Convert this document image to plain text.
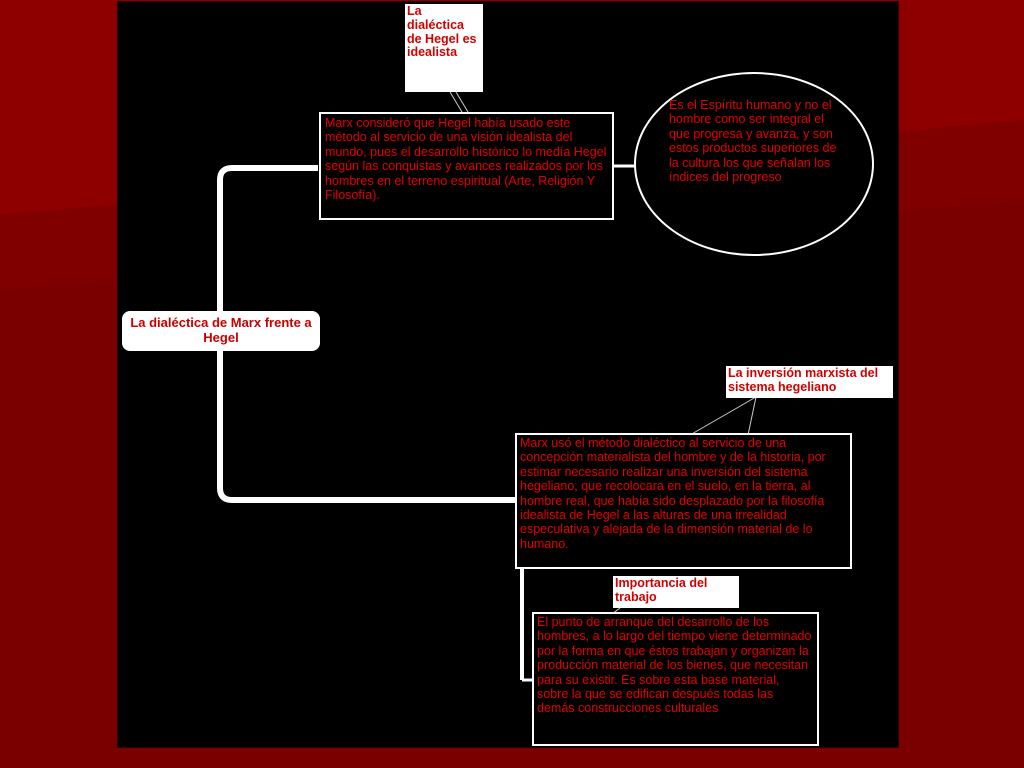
La dialéctica de Marx frente a Hegel
La dialéctica de Hegel es idealista
Marx consideró que Hegel había usado este método al servicio de una visión idealista del mundo, pues el desarrollo histórico lo medía Hegel según las conquistas y avances realizados por los hombres en el terreno espiritual (Arte, Religión Y Filosofía).
Es el Espíritu humano y no el hombre como ser integral el que progresa y avanza, y son estos productos superiores de la cultura los que señalan los índices del progreso
La inversión marxista del sistema hegeliano
Marx usó el método dialéctico al servicio de una concepción materialista del hombre y de la historia, por estimar necesario realizar una inversión del sistema hegeliano, que recolocara en el suelo, en la tierra, al hombre real, que había sido desplazado por la filosofía idealista de Hegel a las alturas de una irrealidad especulativa y alejada de la dimensión material de lo humano.
Importancia del trabajo
El punto de arranque del desarrollo de los hombres, a lo largo del tiempo viene determinado por la forma en que éstos trabajan y organizan la producción material de los bienes, que necesitan para su existir. Es sobre esta base material, sobre la que se edifican después todas las demás construcciones culturales
